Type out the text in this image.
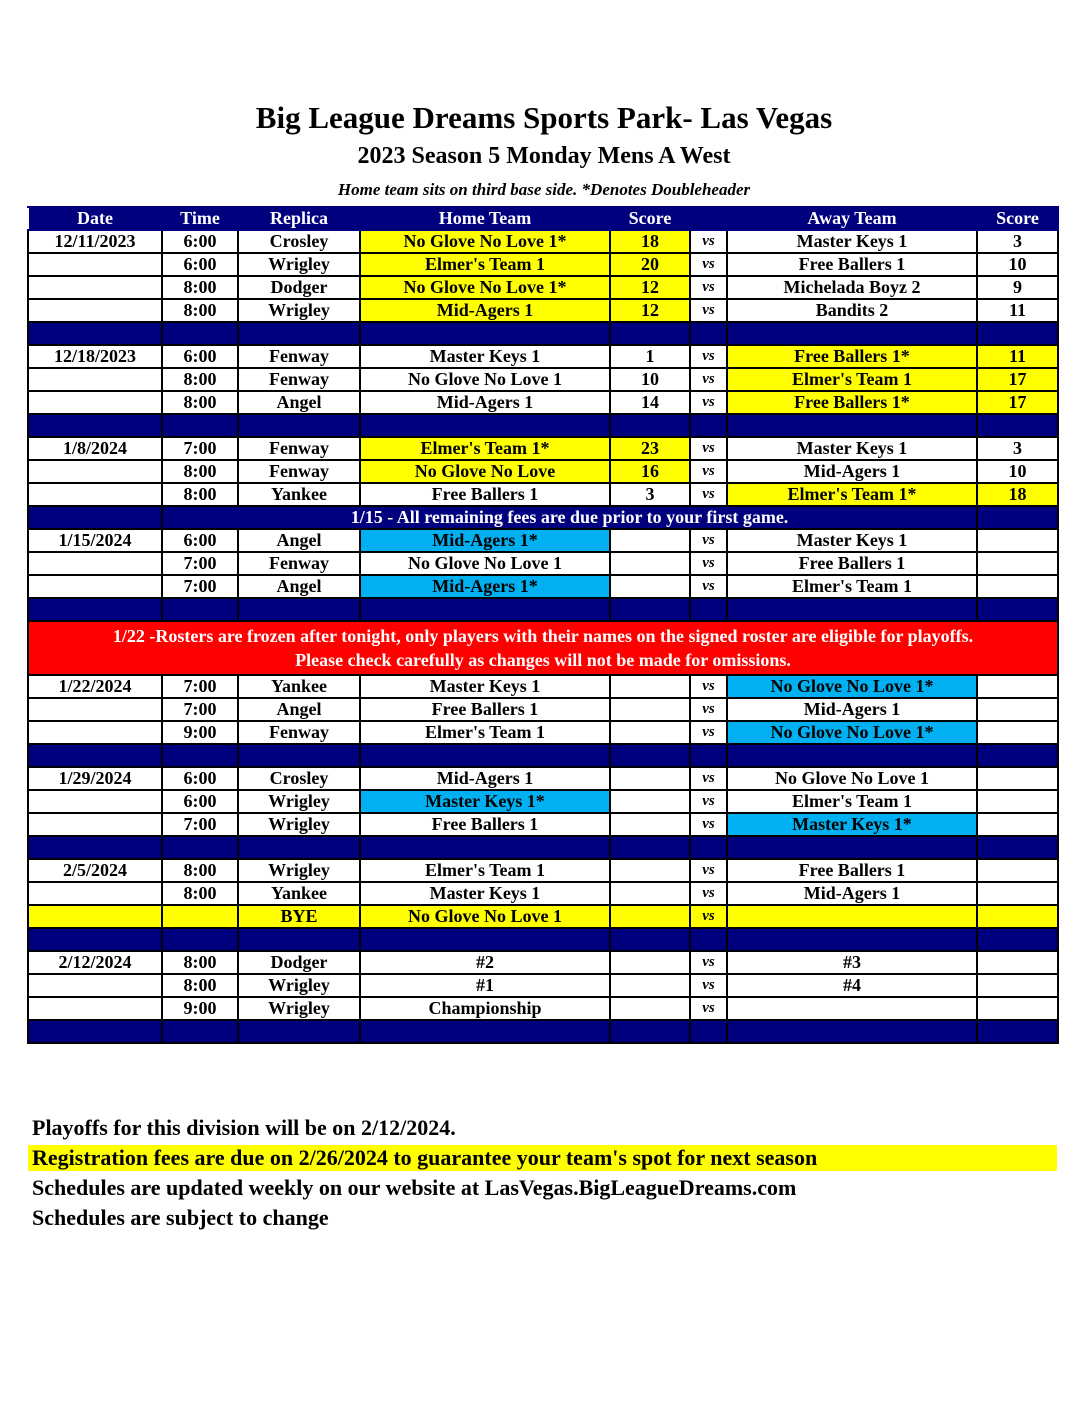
Big League Dreams Sports Park- Las Vegas
2023 Season 5 Monday Mens A West
Home team sits on third base side. *Denotes Doubleheader
Date	Time	Replica	Home Team	Score		Away Team	Score
12/11/2023	6:00	Crosley	No Glove No Love 1*	18	vs	Master Keys 1	3
	6:00	Wrigley	Elmer's Team 1	20	vs	Free Ballers 1	10
	8:00	Dodger	No Glove No Love 1*	12	vs	Michelada Boyz 2	9
	8:00	Wrigley	Mid-Agers 1	12	vs	Bandits 2	11

12/18/2023	6:00	Fenway	Master Keys 1	1	vs	Free Ballers 1*	11
	8:00	Fenway	No Glove No Love 1	10	vs	Elmer's Team 1	17
	8:00	Angel	Mid-Agers 1	14	vs	Free Ballers 1*	17

1/8/2024	7:00	Fenway	Elmer's Team 1*	23	vs	Master Keys 1	3
	8:00	Fenway	No Glove No Love	16	vs	Mid-Agers 1	10
	8:00	Yankee	Free Ballers 1	3	vs	Elmer's Team 1*	18
	1/15 - All remaining fees are due prior to your first game.						
1/15/2024	6:00	Angel	Mid-Agers 1*		vs	Master Keys 1	
	7:00	Fenway	No Glove No Love 1		vs	Free Ballers 1	
	7:00	Angel	Mid-Agers 1*		vs	Elmer's Team 1	

1/22 -Rosters are frozen after tonight, only players with their names on the signed roster are eligible for playoffs.
Please check carefully as changes will not be made for omissions.							

1/22/2024	7:00	Yankee	Master Keys 1		vs	No Glove No Love 1*	
	7:00	Angel	Free Ballers 1		vs	Mid-Agers 1	
	9:00	Fenway	Elmer's Team 1		vs	No Glove No Love 1*	

1/29/2024	6:00	Crosley	Mid-Agers 1		vs	No Glove No Love 1	
	6:00	Wrigley	Master Keys 1*		vs	Elmer's Team 1	
	7:00	Wrigley	Free Ballers 1		vs	Master Keys 1*	

2/5/2024	8:00	Wrigley	Elmer's Team 1		vs	Free Ballers 1	
	8:00	Yankee	Master Keys 1		vs	Mid-Agers 1	
		BYE	No Glove No Love 1		vs		

2/12/2024	8:00	Dodger	#2		vs	#3	
	8:00	Wrigley	#1		vs	#4	
	9:00	Wrigley	Championship		vs		

Playoffs for this division will be on 2/12/2024.
Registration fees are due on 2/26/2024 to guarantee your team's spot for next season
Schedules are updated weekly on our website at LasVegas.BigLeagueDreams.com
Schedules are subject to change
